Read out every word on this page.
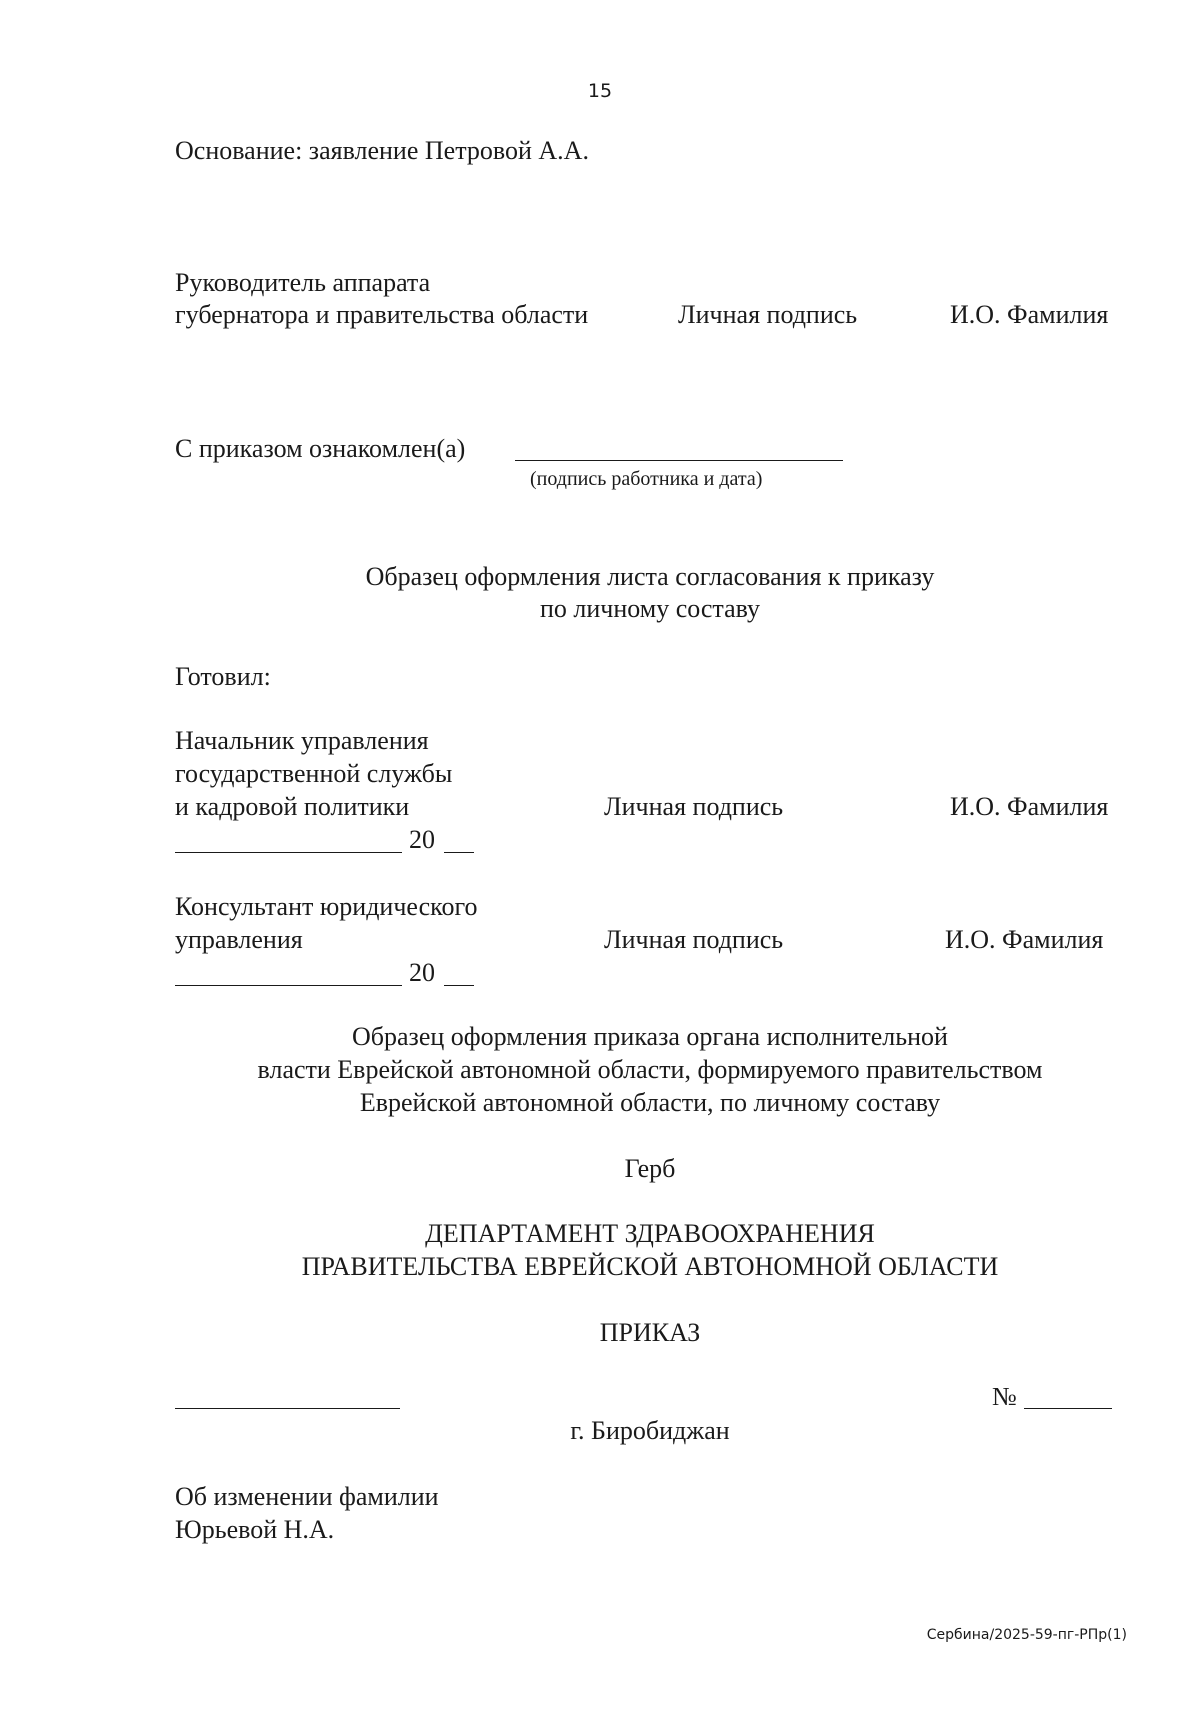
15
Основание: заявление Петровой А.А.
Руководитель аппарата
губернатора и правительства области	Личная подпись	И.О. Фамилия
С приказом ознакомлен(а)
(подпись работника и дата)
Образец оформления листа согласования к приказу
по личному составу
Готовил:
Начальник управления
государственной службы
и кадровой политики	Личная подпись	И.О. Фамилия
20
Консультант юридического
управления	Личная подпись	И.О. Фамилия
20
Образец оформления приказа органа исполнительной
власти Еврейской автономной области, формируемого правительством
Еврейской автономной области, по личному составу
Герб
ДЕПАРТАМЕНТ ЗДРАВООХРАНЕНИЯ
ПРАВИТЕЛЬСТВА ЕВРЕЙСКОЙ АВТОНОМНОЙ ОБЛАСТИ
ПРИКАЗ
№
г. Биробиджан
Об изменении фамилии
Юрьевой Н.А.
Сербина/2025-59-пг-РПр(1)
